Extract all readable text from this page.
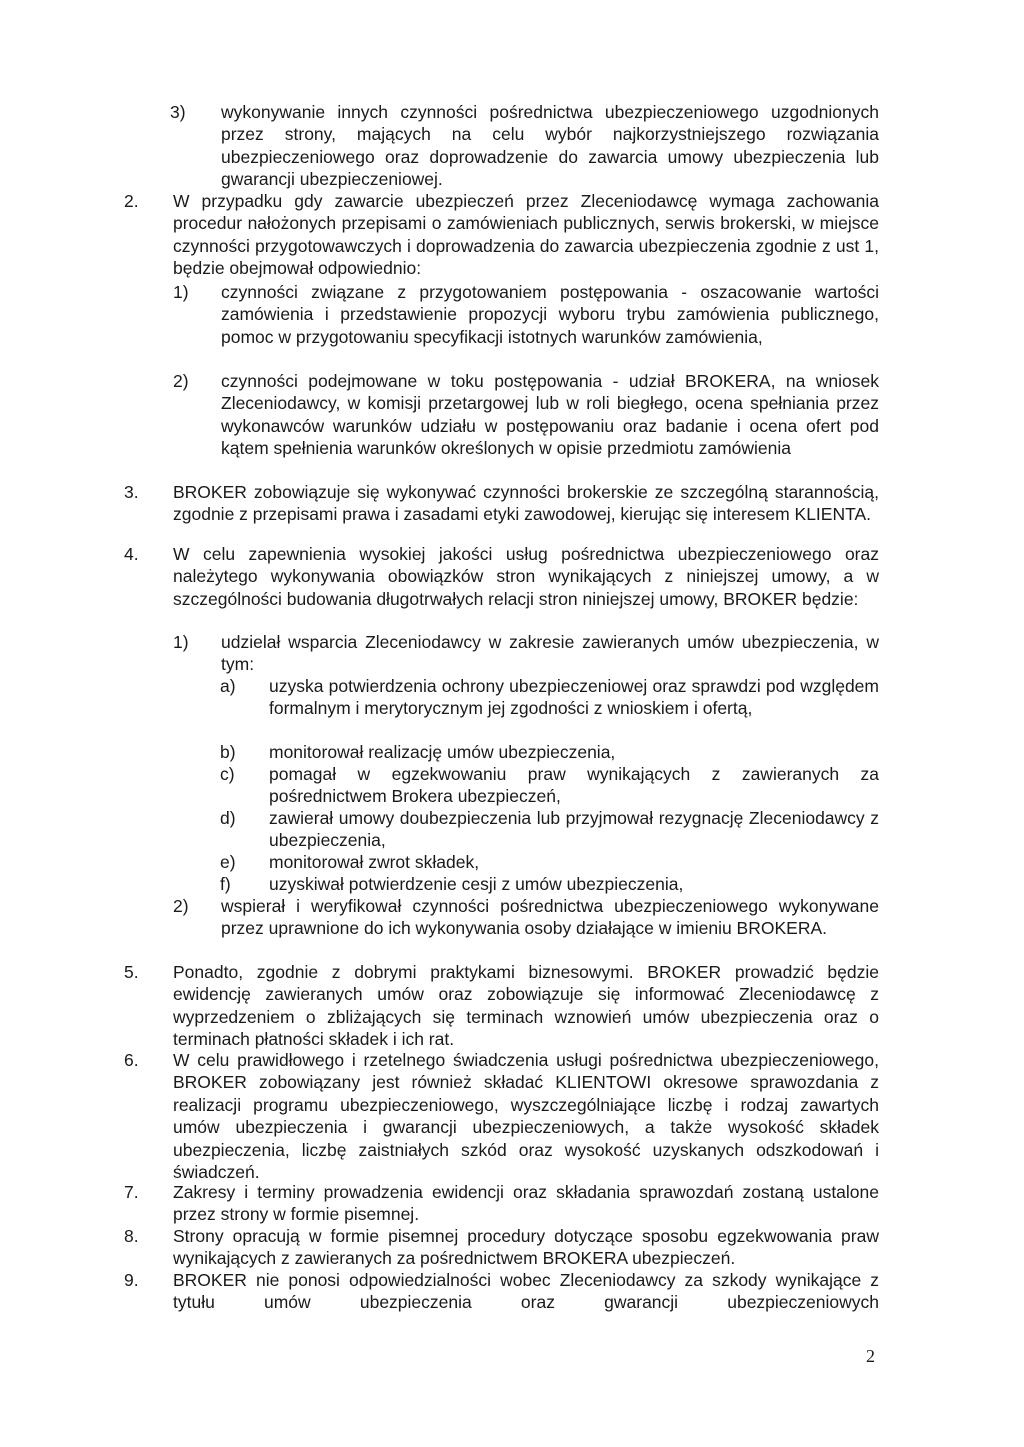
3) wykonywanie innych czynności pośrednictwa ubezpieczeniowego uzgodnionych przez strony, mających na celu wybór najkorzystniejszego rozwiązania ubezpieczeniowego oraz doprowadzenie do zawarcia umowy ubezpieczenia lub gwarancji ubezpieczeniowej.
2. W przypadku gdy zawarcie ubezpieczeń przez Zleceniodawcę wymaga zachowania procedur nałożonych przepisami o zamówieniach publicznych, serwis brokerski, w miejsce czynności przygotowawczych i doprowadzenia do zawarcia ubezpieczenia zgodnie z ust 1, będzie obejmował odpowiednio:
1) czynności związane z przygotowaniem postępowania - oszacowanie wartości zamówienia i przedstawienie propozycji wyboru trybu zamówienia publicznego, pomoc w przygotowaniu specyfikacji istotnych warunków zamówienia,
2) czynności podejmowane w toku postępowania - udział BROKERA, na wniosek Zleceniodawcy, w komisji przetargowej lub w roli biegłego, ocena spełniania przez wykonawców warunków udziału w postępowaniu oraz badanie i ocena ofert pod kątem spełnienia warunków określonych w opisie przedmiotu zamówienia
3. BROKER zobowiązuje się wykonywać czynności brokerskie ze szczególną starannością, zgodnie z przepisami prawa i zasadami etyki zawodowej, kierując się interesem KLIENTA.
4. W celu zapewnienia wysokiej jakości usług pośrednictwa ubezpieczeniowego oraz należytego wykonywania obowiązków stron wynikających z niniejszej umowy, a w szczególności budowania długotrwałych relacji stron niniejszej umowy, BROKER będzie:
1) udzielał wsparcia Zleceniodawcy w zakresie zawieranych umów ubezpieczenia, w tym:
a) uzyska potwierdzenia ochrony ubezpieczeniowej oraz sprawdzi pod względem formalnym i merytorycznym jej zgodności z wnioskiem i ofertą,
b) monitorował realizację umów ubezpieczenia,
c) pomagał w egzekwowaniu praw wynikających z zawieranych za pośrednictwem Brokera ubezpieczeń,
d) zawierał umowy doubezpieczenia lub przyjmował rezygnację Zleceniodawcy z ubezpieczenia,
e) monitorował zwrot składek,
f) uzyskiwał potwierdzenie cesji z umów ubezpieczenia,
2) wspierał i weryfikował czynności pośrednictwa ubezpieczeniowego wykonywane przez uprawnione do ich wykonywania osoby działające w imieniu BROKERA.
5. Ponadto, zgodnie z dobrymi praktykami biznesowymi. BROKER prowadzić będzie ewidencję zawieranych umów oraz zobowiązuje się informować Zleceniodawcę z wyprzedzeniem o zbliżających się terminach wznowień umów ubezpieczenia oraz o terminach płatności składek i ich rat.
6. W celu prawidłowego i rzetelnego świadczenia usługi pośrednictwa ubezpieczeniowego, BROKER zobowiązany jest również składać KLIENTOWI okresowe sprawozdania z realizacji programu ubezpieczeniowego, wyszczególniające liczbę i rodzaj zawartych umów ubezpieczenia i gwarancji ubezpieczeniowych, a także wysokość składek ubezpieczenia, liczbę zaistniałych szkód oraz wysokość uzyskanych odszkodowań i świadczeń.
7. Zakresy i terminy prowadzenia ewidencji oraz składania sprawozdań zostaną ustalone przez strony w formie pisemnej.
8. Strony opracują w formie pisemnej procedury dotyczące sposobu egzekwowania praw wynikających z zawieranych za pośrednictwem BROKERA ubezpieczeń.
9. BROKER nie ponosi odpowiedzialności wobec Zleceniodawcy za szkody wynikające z tytułu umów ubezpieczenia oraz gwarancji ubezpieczeniowych
2
